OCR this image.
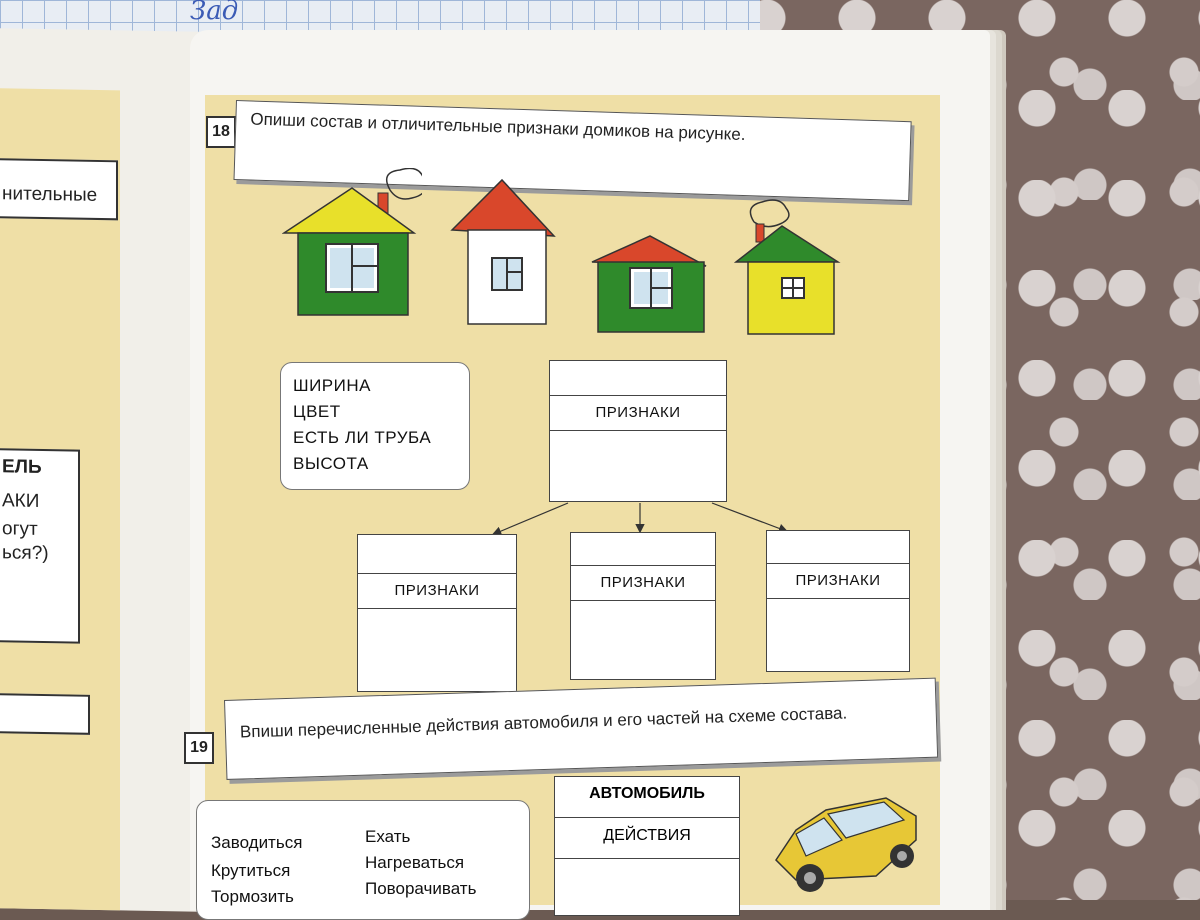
Зад
нительные
ЕЛЬ
АКИ
огут
ься?)
18	Опиши состав и отличительные признаки домиков на рисунке.
ШИРИНА
ЦВЕТ
ЕСТЬ ЛИ ТРУБА
ВЫСОТА
ПРИЗНАКИ
ПРИЗНАКИ	ПРИЗНАКИ	ПРИЗНАКИ
19
Впиши перечисленные действия автомобиля и его частей на схеме состава.
Заводиться
Крутиться
Тормозить
Ехать
Нагреваться
Поворачивать
АВТОМОБИЛЬ
ДЕЙСТВИЯ
